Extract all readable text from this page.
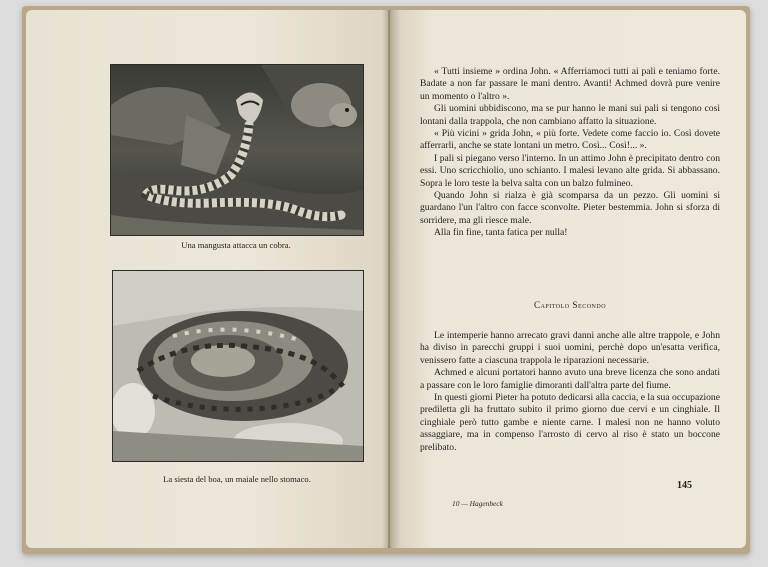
Una mangusta attacca un cobra.
La siesta del boa, un maiale nello stomaco.

« Tutti insieme » ordina John. « Afferriamoci tutti ai pali e teniamo forte. Badate a non far passare le mani dentro. Avanti! Achmed dovrà pure venire un momento o l'altro ».

Gli uomini ubbidiscono, ma se pur hanno le mani sui pali si tengono così lontani dalla trappola, che non cambiano affatto la situazione.

« Più vicini » grida John, « più forte. Vedete come faccio io. Così dovete afferrarli, anche se state lontani un metro. Così... Così!... ».

I pali si piegano verso l'interno. In un attimo John è precipitato dentro con essi. Uno scricchiolio, uno schianto. I malesi levano alte grida. Si abbassano. Sopra le loro teste la belva salta con un balzo fulmineo.

Quando John si rialza è già scomparsa da un pezzo. Gli uomini si guardano l'un l'altro con facce sconvolte. Pieter bestemmia. John si sforza di sorridere, ma gli riesce male.

Alla fin fine, tanta fatica per nulla!

Capitolo Secondo

Le intemperie hanno arrecato gravi danni anche alle altre trappole, e John ha diviso in parecchi gruppi i suoi uomini, perchè dopo un'esatta verifica, venissero fatte a ciascuna trappola le riparazioni necessarie.

Achmed e alcuni portatori hanno avuto una breve licenza che sono andati a passare con le loro famiglie dimoranti dall'altra parte del fiume.

In questi giorni Pieter ha potuto dedicarsi alla caccia, e la sua occupazione prediletta gli ha fruttato subito il primo giorno due cervi e un cinghiale. Il cinghiale però tutto gambe e niente carne. I malesi non ne hanno voluto assaggiare, ma in compenso l'arrosto di cervo al riso è stato un boccone prelibato.

145
10 — Hagenbeck
